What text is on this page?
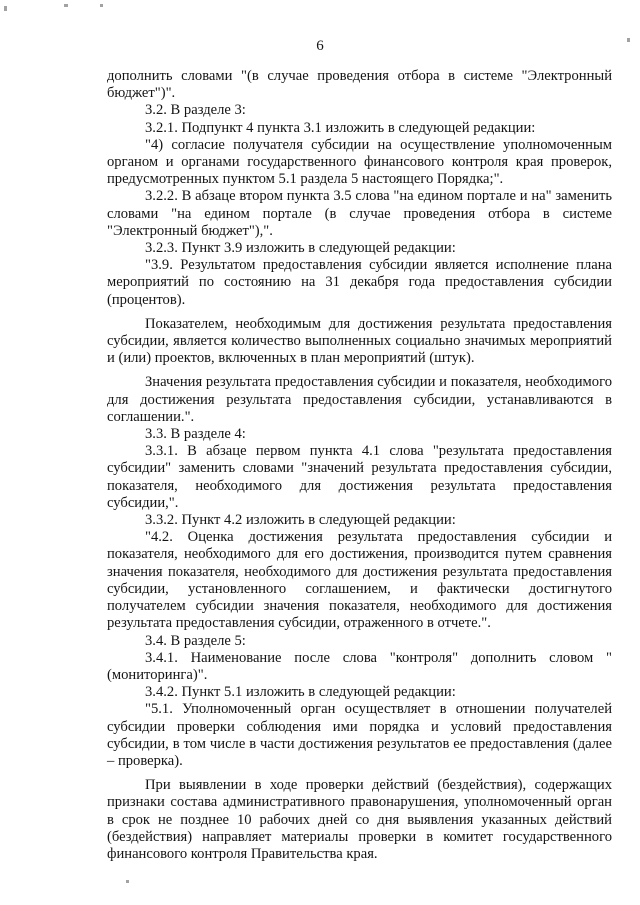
6

дополнить словами "(в случае проведения отбора в системе "Электронный бюджет")".

3.2. В разделе 3:

3.2.1. Подпункт 4 пункта 3.1 изложить в следующей редакции:

"4) согласие получателя субсидии на осуществление уполномоченным органом и органами государственного финансового контроля края проверок, предусмотренных пунктом 5.1 раздела 5 настоящего Порядка;".

3.2.2. В абзаце втором пункта 3.5 слова "на едином портале и на" заменить словами "на едином портале (в случае проведения отбора в системе "Электронный бюджет"),".

3.2.3. Пункт 3.9 изложить в следующей редакции:

"3.9. Результатом предоставления субсидии является исполнение плана мероприятий по состоянию на 31 декабря года предоставления субсидии (процентов).

Показателем, необходимым для достижения результата предоставления субсидии, является количество выполненных социально значимых мероприятий и (или) проектов, включенных в план мероприятий (штук).

Значения результата предоставления субсидии и показателя, необходимого для достижения результата предоставления субсидии, устанавливаются в соглашении.".

3.3. В разделе 4:

3.3.1. В абзаце первом пункта 4.1 слова "результата предоставления субсидии" заменить словами "значений результата предоставления субсидии, показателя, необходимого для достижения результата предоставления субсидии,".

3.3.2. Пункт 4.2 изложить в следующей редакции:

"4.2. Оценка достижения результата предоставления субсидии и показателя, необходимого для его достижения, производится путем сравнения значения показателя, необходимого для достижения результата предоставления субсидии, установленного соглашением, и фактически достигнутого получателем субсидии значения показателя, необходимого для достижения результата предоставления субсидии, отраженного в отчете.".

3.4. В разделе 5:

3.4.1. Наименование после слова "контроля" дополнить словом "(мониторинга)".

3.4.2. Пункт 5.1 изложить в следующей редакции:

"5.1. Уполномоченный орган осуществляет в отношении получателей субсидии проверки соблюдения ими порядка и условий предоставления субсидии, в том числе в части достижения результатов ее предоставления (далее – проверка).

При выявлении в ходе проверки действий (бездействия), содержащих признаки состава административного правонарушения, уполномоченный орган в срок не позднее 10 рабочих дней со дня выявления указанных действий (бездействия) направляет материалы проверки в комитет государственного финансового контроля Правительства края.
